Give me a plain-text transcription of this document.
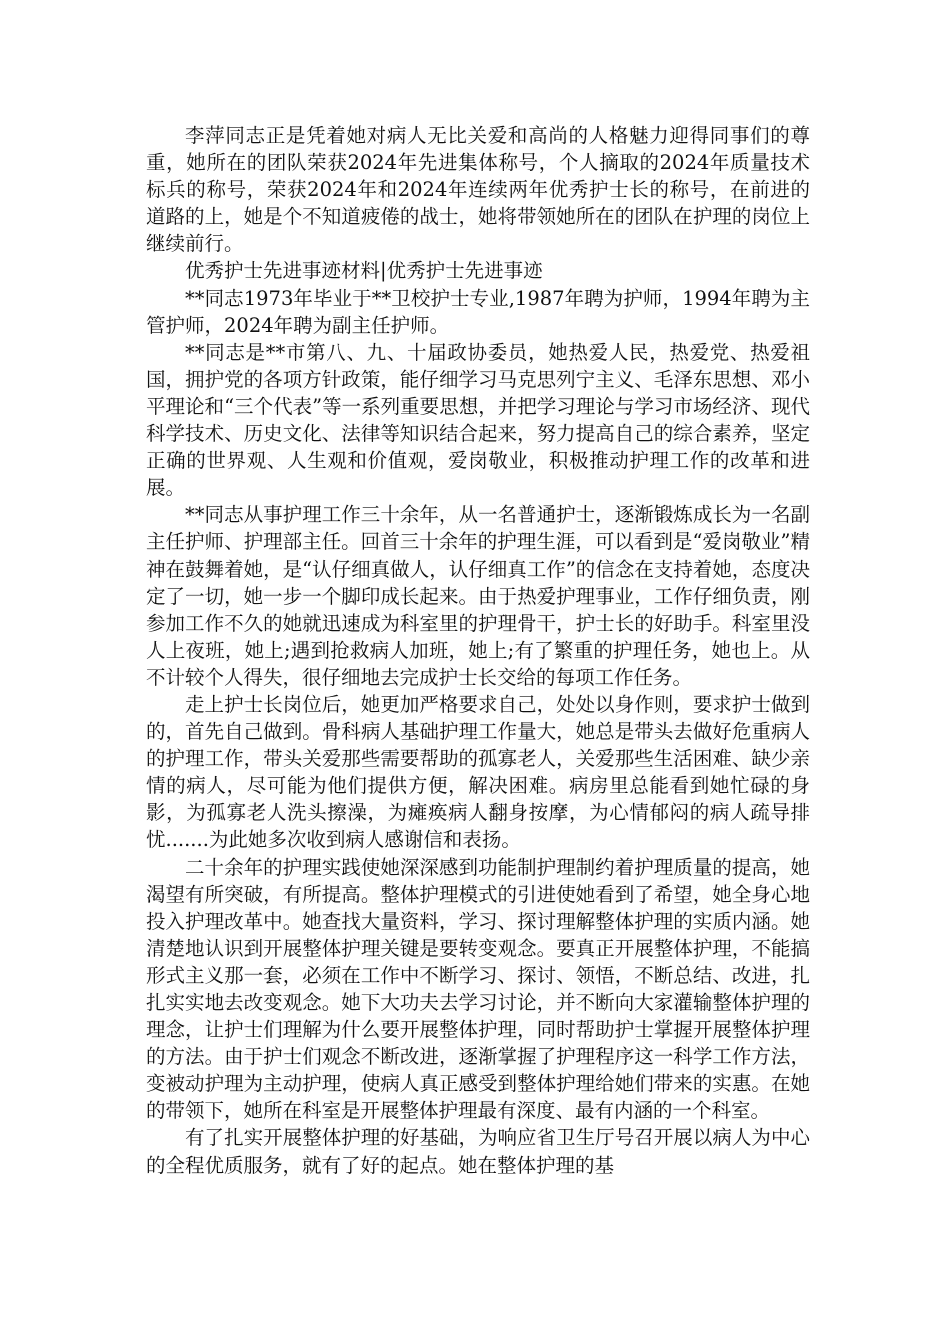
李萍同志正是凭着她对病人无比关爱和高尚的人格魅力迎得同事们的尊重，她所在的团队荣获2024年先进集体称号，个人摘取的2024年质量技术标兵的称号，荣获2024年和2024年连续两年优秀护士长的称号，在前进的道路的上，她是个不知道疲倦的战士，她将带领她所在的团队在护理的岗位上继续前行。

优秀护士先进事迹材料|优秀护士先进事迹

**同志1973年毕业于**卫校护士专业,1987年聘为护师，1994年聘为主管护师，2024年聘为副主任护师。

**同志是**市第八、九、十届政协委员，她热爱人民，热爱党、热爱祖国，拥护党的各项方针政策，能仔细学习马克思列宁主义、毛泽东思想、邓小平理论和“三个代表”等一系列重要思想，并把学习理论与学习市场经济、现代科学技术、历史文化、法律等知识结合起来，努力提高自己的综合素养，坚定正确的世界观、人生观和价值观，爱岗敬业，积极推动护理工作的改革和进展。

**同志从事护理工作三十余年，从一名普通护士，逐渐锻炼成长为一名副主任护师、护理部主任。回首三十余年的护理生涯，可以看到是“爱岗敬业”精神在鼓舞着她，是“认仔细真做人，认仔细真工作”的信念在支持着她，态度决定了一切，她一步一个脚印成长起来。由于热爱护理事业，工作仔细负责，刚参加工作不久的她就迅速成为科室里的护理骨干，护士长的好助手。科室里没人上夜班，她上;遇到抢救病人加班，她上;有了繁重的护理任务，她也上。从不计较个人得失，很仔细地去完成护士长交给的每项工作任务。

走上护士长岗位后，她更加严格要求自己，处处以身作则，要求护士做到的，首先自己做到。骨科病人基础护理工作量大，她总是带头去做好危重病人的护理工作，带头关爱那些需要帮助的孤寡老人，关爱那些生活困难、缺少亲情的病人，尽可能为他们提供方便，解决困难。病房里总能看到她忙碌的身影，为孤寡老人洗头擦澡，为瘫痪病人翻身按摩，为心情郁闷的病人疏导排忧.......为此她多次收到病人感谢信和表扬。

二十余年的护理实践使她深深感到功能制护理制约着护理质量的提高，她渴望有所突破，有所提高。整体护理模式的引进使她看到了希望，她全身心地投入护理改革中。她查找大量资料，学习、探讨理解整体护理的实质内涵。她清楚地认识到开展整体护理关键是要转变观念。要真正开展整体护理，不能搞形式主义那一套，必须在工作中不断学习、探讨、领悟，不断总结、改进，扎扎实实地去改变观念。她下大功夫去学习讨论，并不断向大家灌输整体护理的理念，让护士们理解为什么要开展整体护理，同时帮助护士掌握开展整体护理的方法。由于护士们观念不断改进，逐渐掌握了护理程序这一科学工作方法，变被动护理为主动护理，使病人真正感受到整体护理给她们带来的实惠。在她的带领下，她所在科室是开展整体护理最有深度、最有内涵的一个科室。

有了扎实开展整体护理的好基础，为响应省卫生厅号召开展以病人为中心的全程优质服务，就有了好的起点。她在整体护理的基
